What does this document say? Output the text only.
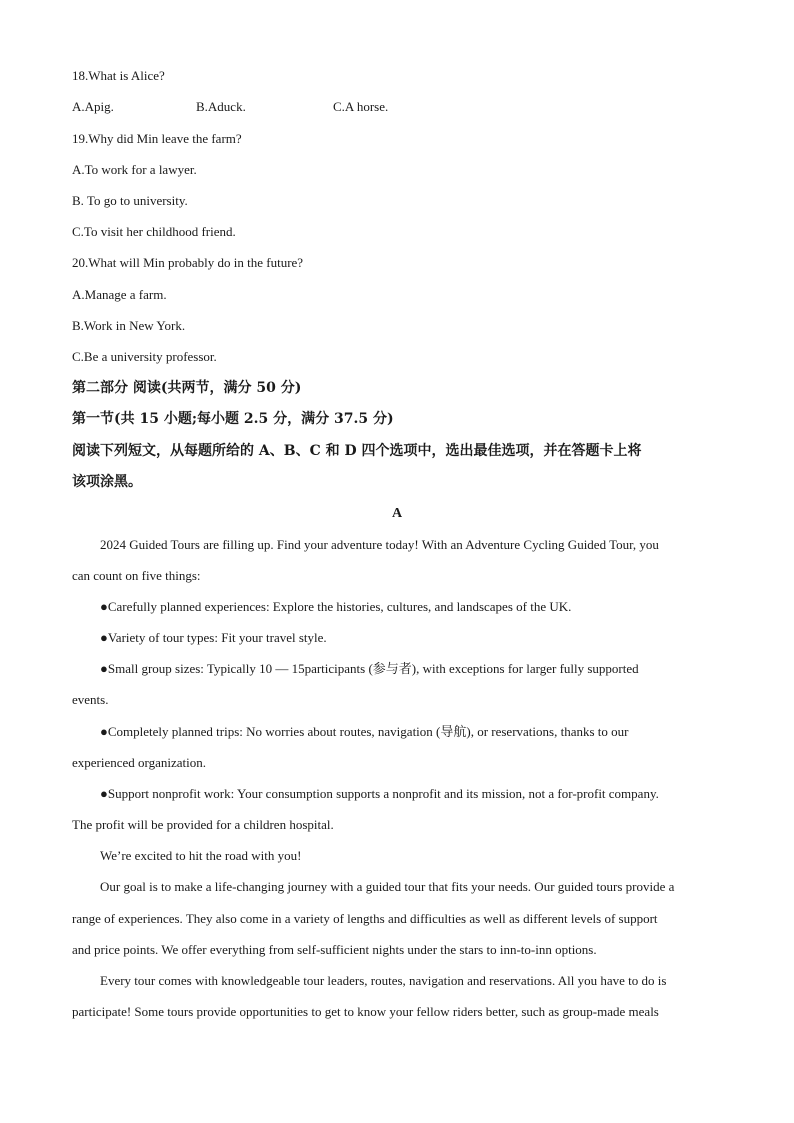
18.What is Alice?
A.Apig.	B.Aduck.	C.A horse.
19.Why did Min leave the farm?
A.To work for a lawyer.
B. To go to university.
C.To visit her childhood friend.
20.What will Min probably do in the future?
A.Manage a farm.
B.Work in New York.
C.Be a university professor.
第二部分 阅读(共两节，满分 50 分)
第一节(共 15 小题;每小题 2.5 分，满分 37.5 分)
阅读下列短文，从每题所给的 A、B、C 和 D 四个选项中，选出最佳选项，并在答题卡上将
该项涂黑。
A
2024 Guided Tours are filling up. Find your adventure today! With an Adventure Cycling Guided Tour, you
can count on five things:
●Carefully planned experiences: Explore the histories, cultures, and landscapes of the UK.
●Variety of tour types: Fit your travel style.
●Small group sizes: Typically 10 — 15participants (参与者), with exceptions for larger fully supported
events.
●Completely planned trips: No worries about routes, navigation (导航), or reservations, thanks to our
experienced organization.
●Support nonprofit work: Your consumption supports a nonprofit and its mission, not a for-profit company.
The profit will be provided for a children hospital.
We’re excited to hit the road with you!
Our goal is to make a life-changing journey with a guided tour that fits your needs. Our guided tours provide a
range of experiences. They also come in a variety of lengths and difficulties as well as different levels of support
and price points. We offer everything from self-sufficient nights under the stars to inn-to-inn options.
Every tour comes with knowledgeable tour leaders, routes, navigation and reservations. All you have to do is
participate! Some tours provide opportunities to get to know your fellow riders better, such as group-made meals
